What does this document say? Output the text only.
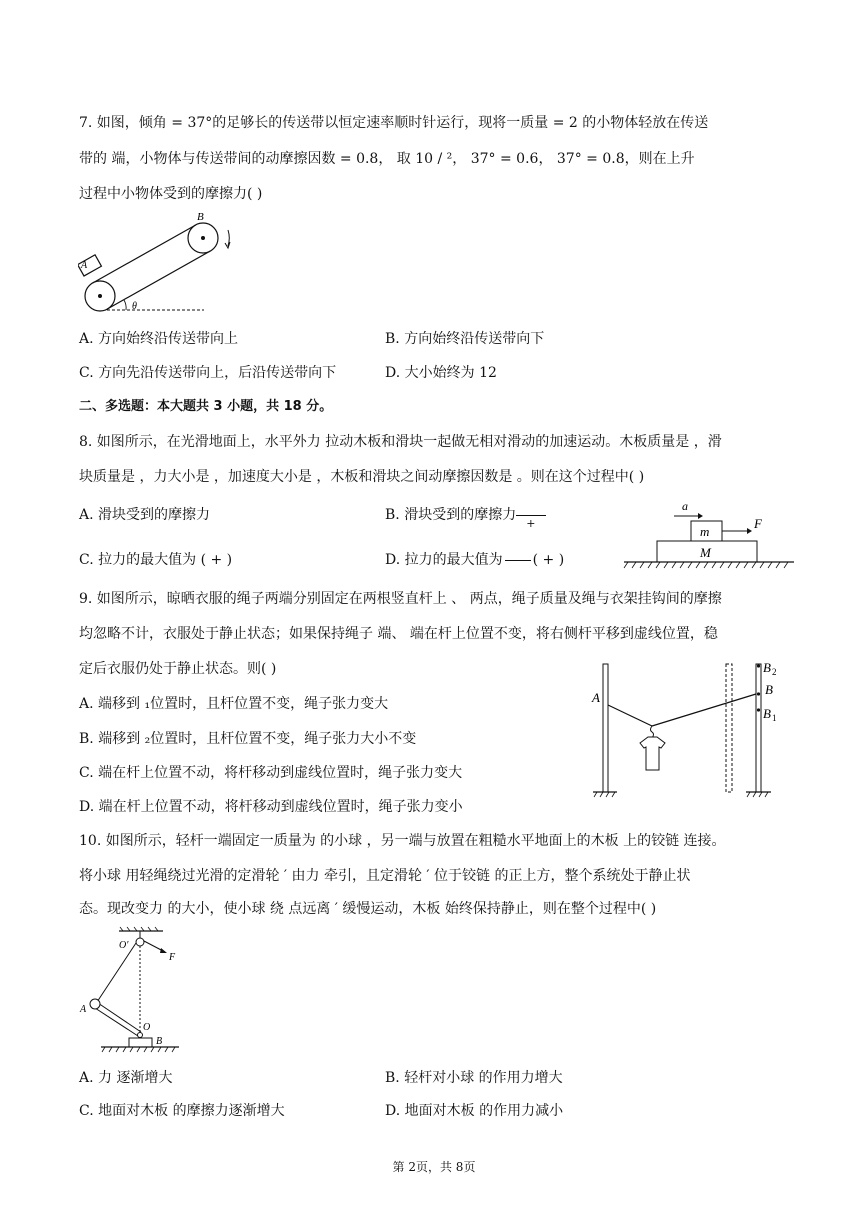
7. 如图，倾角 = 37°的足够长的传送带以恒定速率顺时针运行，现将一质量 = 2 的小物体轻放在传送
带的 端，小物体与传送带间的动摩擦因数 = 0.8， 取 10 / ²， 37° = 0.6， 37° = 0.8，则在上升
过程中小物体受到的摩擦力( )
A
B
θ
A. 方向始终沿传送带向上	B. 方向始终沿传送带向下
C. 方向先沿传送带向上，后沿传送带向下	D. 大小始终为 12
二、多选题：本大题共 3 小题，共 18 分。
8. 如图所示，在光滑地面上，水平外力 拉动木板和滑块一起做无相对滑动的加速运动。木板质量是 ，滑
块质量是 ，力大小是 ，加速度大小是 ，木板和滑块之间动摩擦因数是 。则在这个过程中( )
A. 滑块受到的摩擦力	B. 滑块受到的摩擦力
+
C. 拉力的最大值为 ( + )	D. 拉力的最大值为 ( + )
a
m
F
M
9. 如图所示，晾晒衣服的绳子两端分别固定在两根竖直杆上 、 两点，绳子质量及绳与衣架挂钩间的摩擦
均忽略不计，衣服处于静止状态；如果保持绳子 端、 端在杆上位置不变，将右侧杆平移到虚线位置，稳
定后衣服仍处于静止状态。则( )
A. 端移到 ₁位置时，且杆位置不变，绳子张力变大
B. 端移到 ₂位置时，且杆位置不变，绳子张力大小不变
C. 端在杆上位置不动，将杆移动到虚线位置时，绳子张力变大
D. 端在杆上位置不动，将杆移动到虚线位置时，绳子张力变小
A
B 2
B
B 1
10. 如图所示，轻杆一端固定一质量为 的小球 ，另一端与放置在粗糙水平地面上的木板 上的铰链 连接。
将小球 用轻绳绕过光滑的定滑轮 ′ 由力 牵引，且定滑轮 ′ 位于铰链 的正上方，整个系统处于静止状
态。现改变力 的大小，使小球 绕 点远离 ′ 缓慢运动，木板 始终保持静止，则在整个过程中( )
O′
F
A
O
B
A. 力 逐渐增大	B. 轻杆对小球 的作用力增大
C. 地面对木板 的摩擦力逐渐增大	D. 地面对木板 的作用力减小
第 2页，共 8页
